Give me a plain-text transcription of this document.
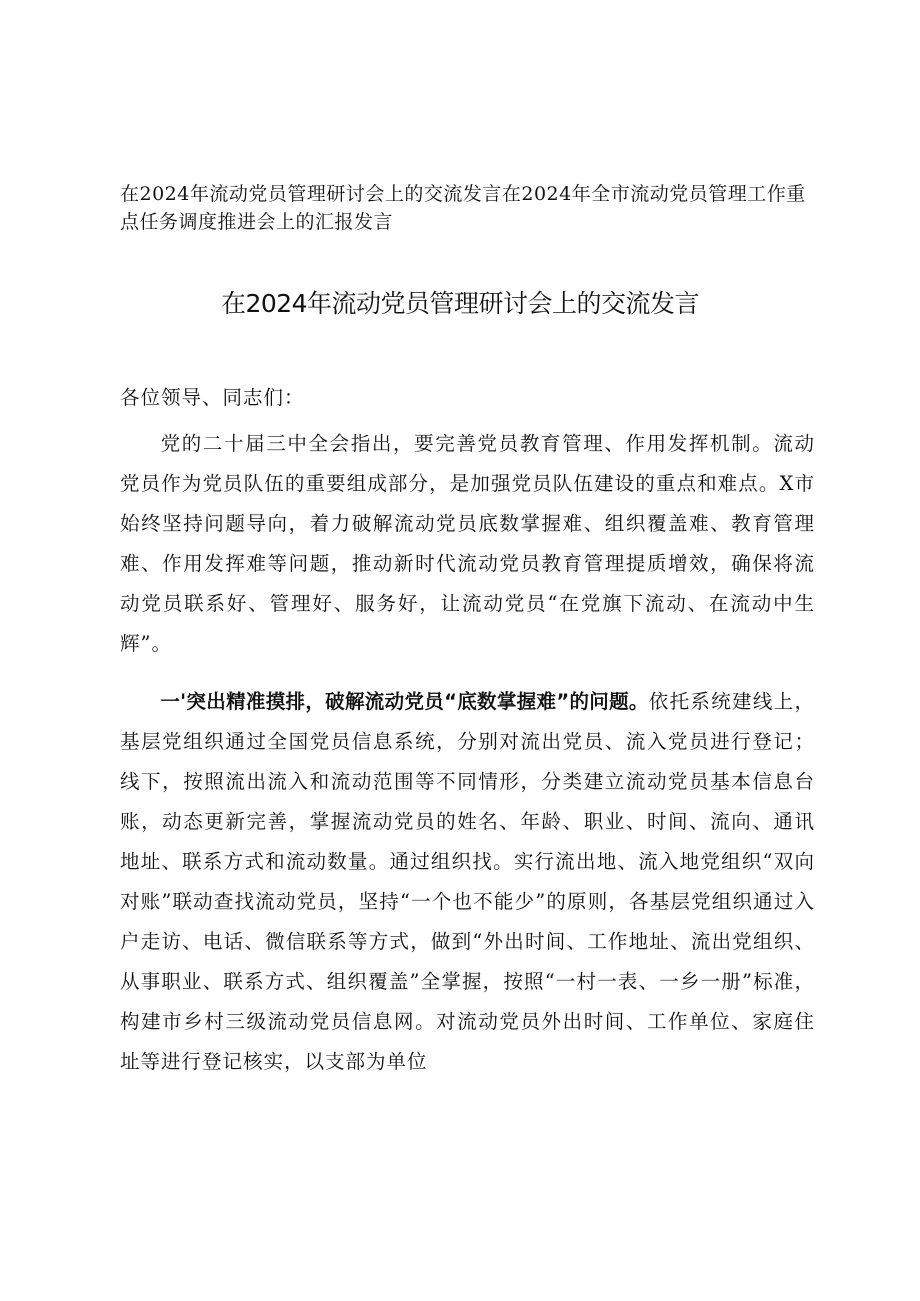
在2024年流动党员管理研讨会上的交流发言在2024年全市流动党员管理工作重点任务调度推进会上的汇报发言
在2024年流动党员管理研讨会上的交流发言
各位领导、同志们：
党的二十届三中全会指出，要完善党员教育管理、作用发挥机制。流动党员作为党员队伍的重要组成部分，是加强党员队伍建设的重点和难点。X市始终坚持问题导向，着力破解流动党员底数掌握难、组织覆盖难、教育管理难、作用发挥难等问题，推动新时代流动党员教育管理提质增效，确保将流动党员联系好、管理好、服务好，让流动党员“在党旗下流动、在流动中生辉”。
一'突出精准摸排，破解流动党员“底数掌握难”的问题。依托系统建线上，基层党组织通过全国党员信息系统，分别对流出党员、流入党员进行登记；线下，按照流出流入和流动范围等不同情形，分类建立流动党员基本信息台账，动态更新完善，掌握流动党员的姓名、年龄、职业、时间、流向、通讯地址、联系方式和流动数量。通过组织找。实行流出地、流入地党组织“双向对账”联动查找流动党员，坚持“一个也不能少”的原则，各基层党组织通过入户走访、电话、微信联系等方式，做到“外出时间、工作地址、流出党组织、从事职业、联系方式、组织覆盖”全掌握，按照“一村一表、一乡一册”标准，构建市乡村三级流动党员信息网。对流动党员外出时间、工作单位、家庭住址等进行登记核实，以支部为单位
